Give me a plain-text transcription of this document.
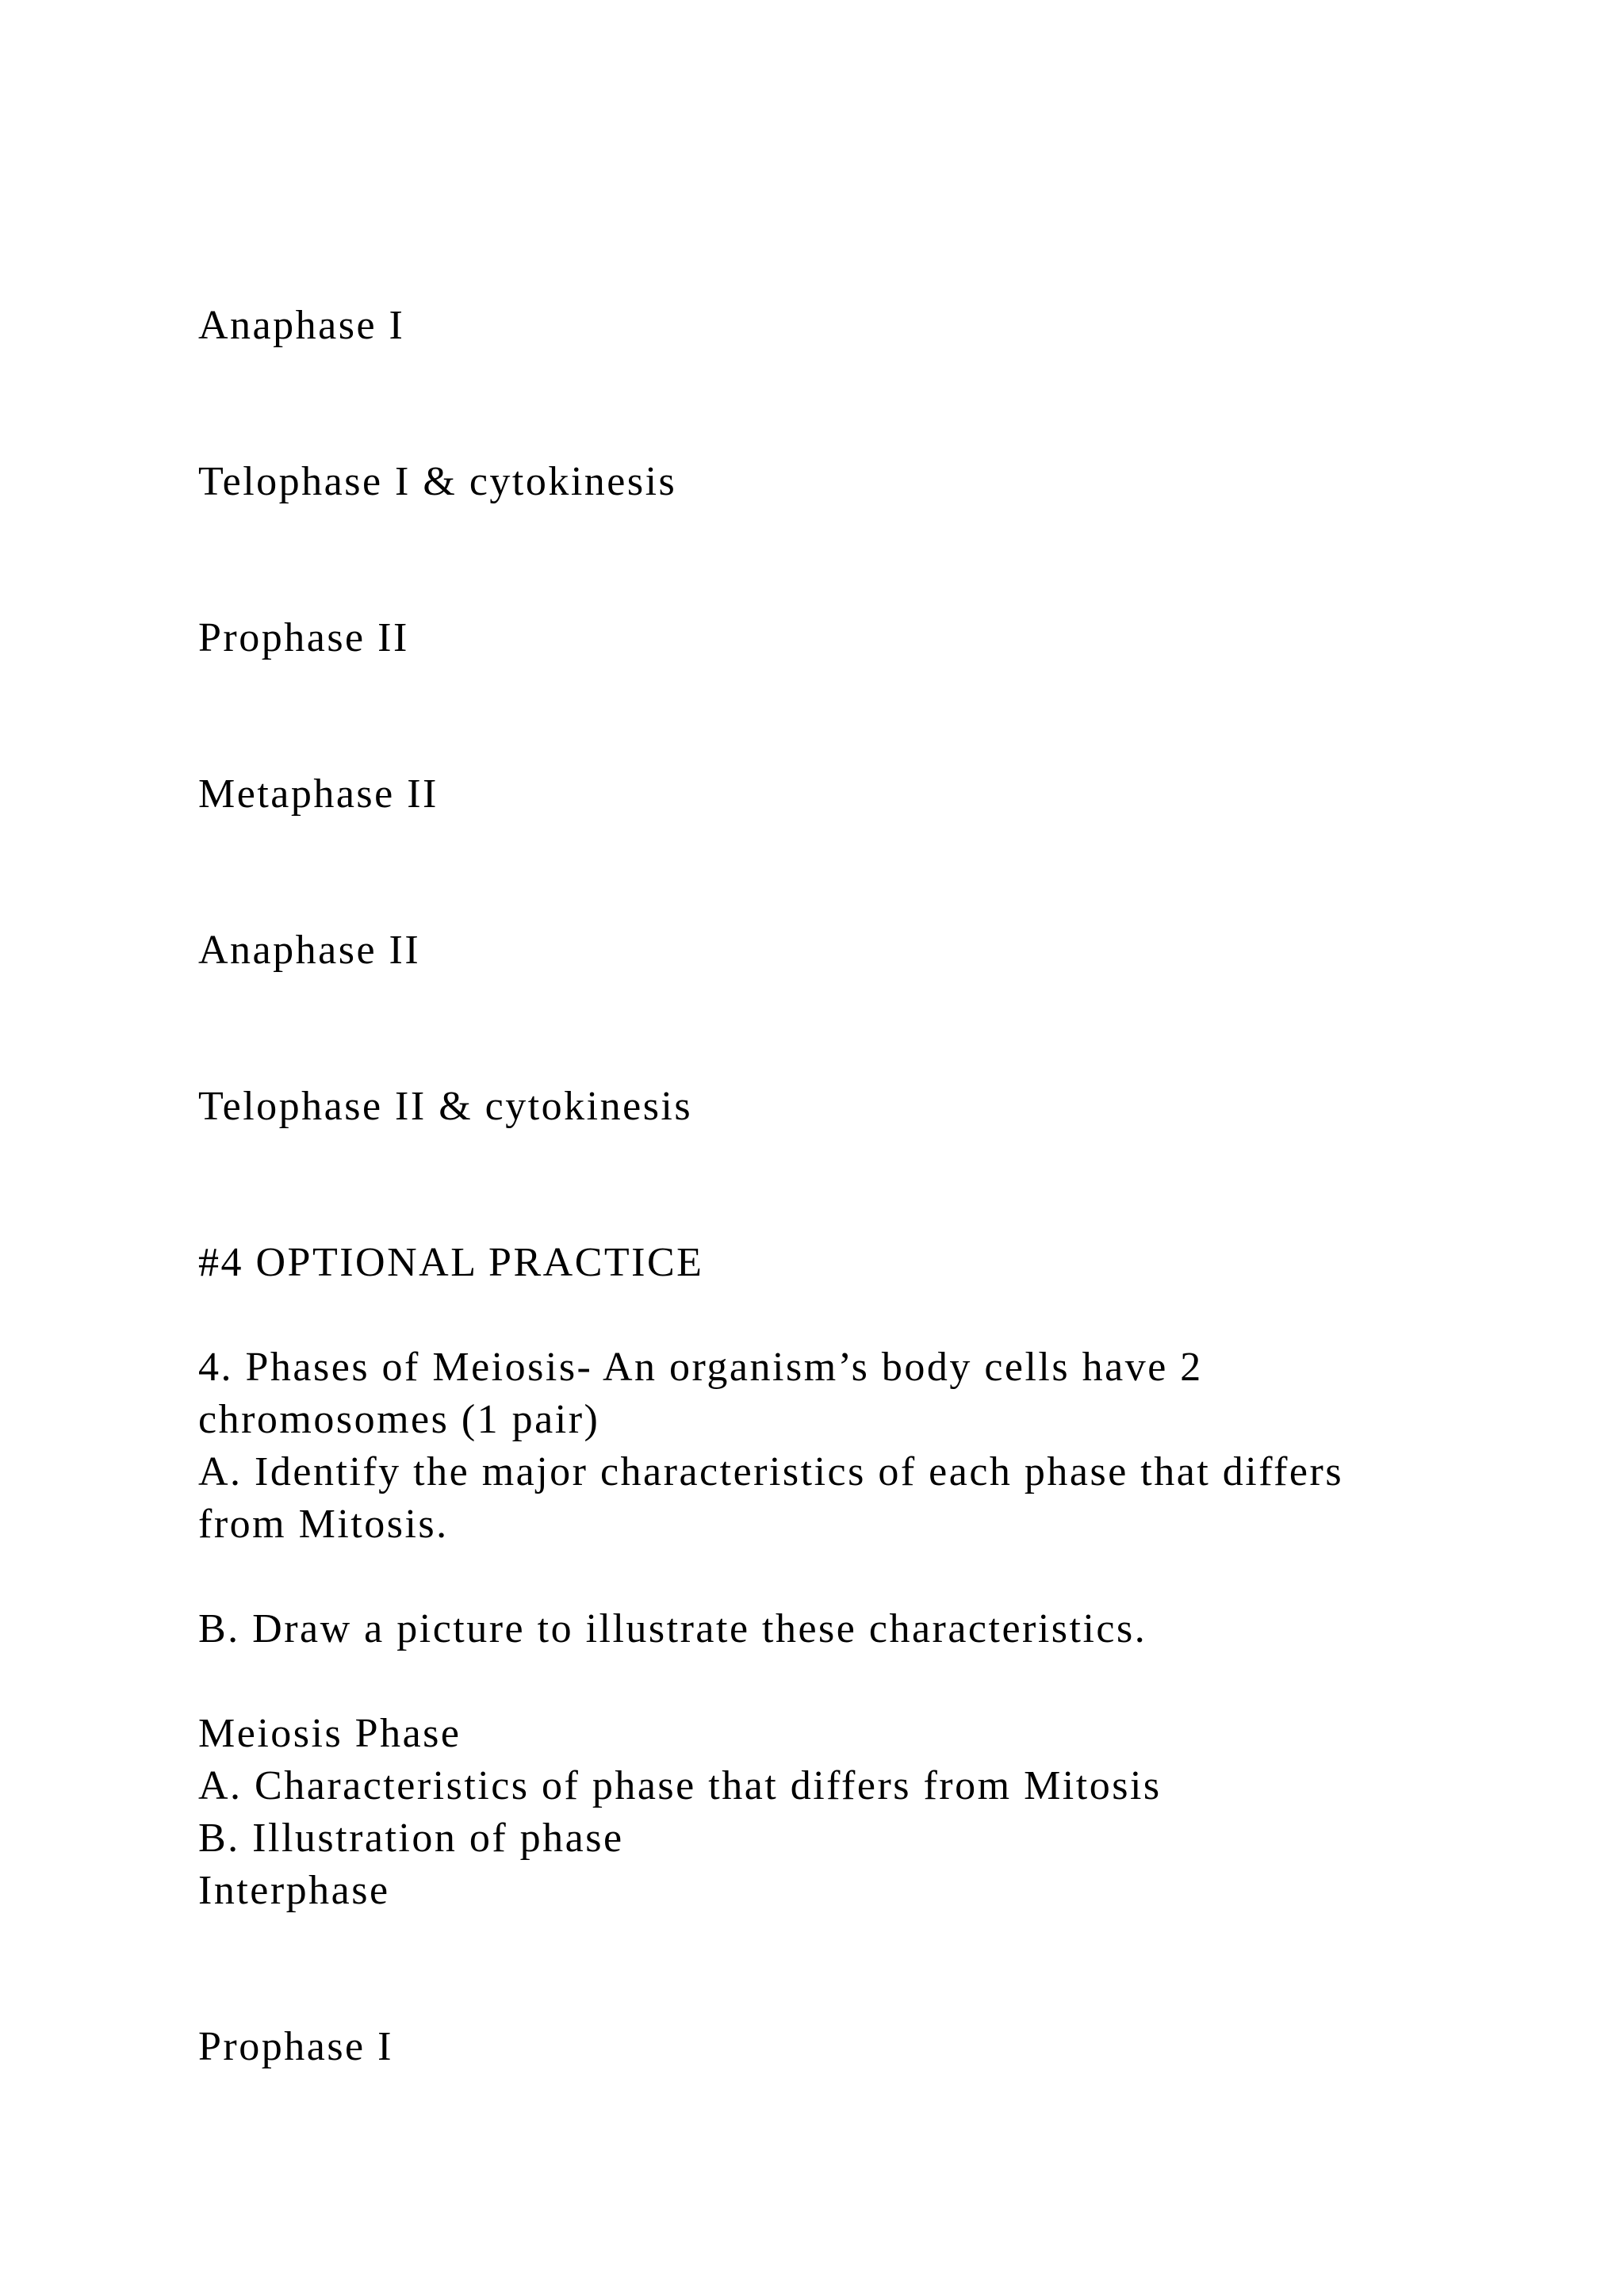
Anaphase I

Telophase I & cytokinesis

Prophase II

Metaphase II

Anaphase II

Telophase II & cytokinesis

#4 OPTIONAL PRACTICE

4. Phases of Meiosis- An organism’s body cells have 2

chromosomes (1 pair)

A. Identify the major characteristics of each phase that differs

from Mitosis.

B. Draw a picture to illustrate these characteristics.

Meiosis Phase

A. Characteristics of phase that differs from Mitosis

B. Illustration of phase

Interphase

Prophase I
